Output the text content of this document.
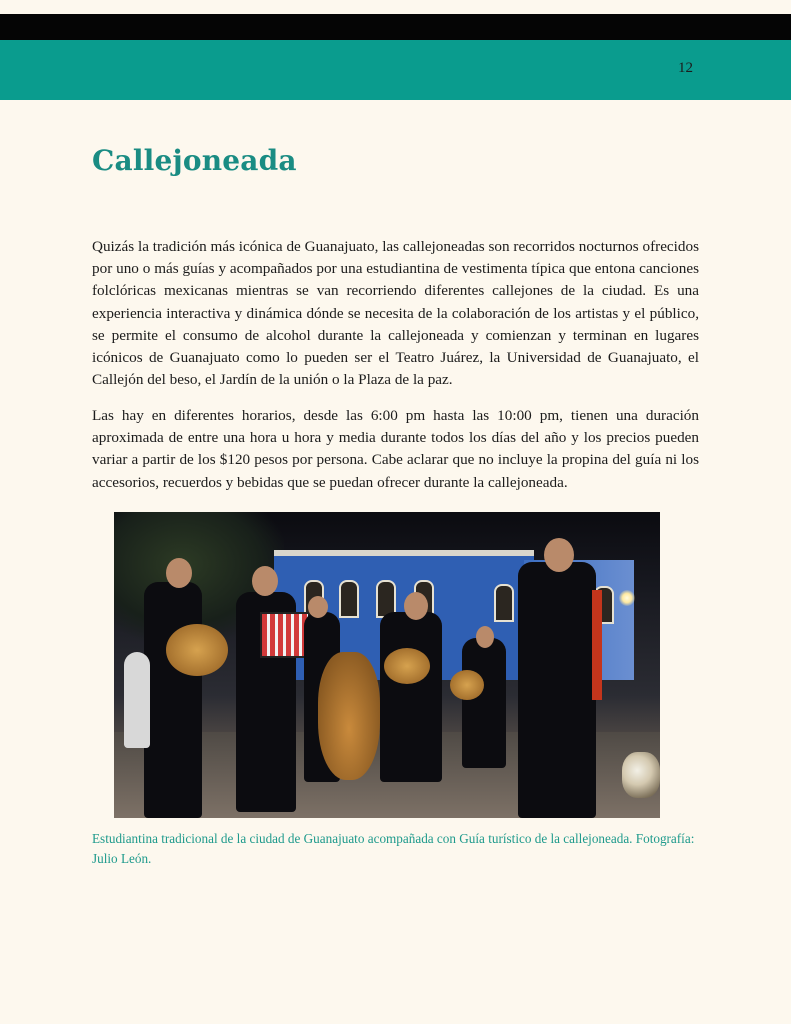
12
Callejoneada

Quizás la tradición más icónica de Guanajuato, las callejoneadas son recorridos nocturnos ofrecidos por uno o más guías y acompañados por una estudiantina de vestimenta típica que entona canciones folclóricas mexicanas mientras se van recorriendo diferentes callejones de la ciudad. Es una experiencia interactiva y dinámica dónde se necesita de la colaboración de los artistas y el público, se permite el consumo de alcohol durante la callejoneada y comienzan y terminan en lugares icónicos de Guanajuato como lo pueden ser el Teatro Juárez, la Universidad de Guanajuato, el Callejón del beso, el Jardín de la unión o la Plaza de la paz.

Las hay en diferentes horarios, desde las 6:00 pm hasta las 10:00 pm, tienen una duración aproximada de entre una hora u hora y media durante todos los días del año y los precios pueden variar a partir de los $120 pesos por persona. Cabe aclarar que no incluye la propina del guía ni los accesorios, recuerdos y bebidas que se puedan ofrecer durante la callejoneada.

Estudiantina tradicional de la ciudad de Guanajuato acompañada con Guía turístico de la callejoneada. Fotografía: Julio León.
